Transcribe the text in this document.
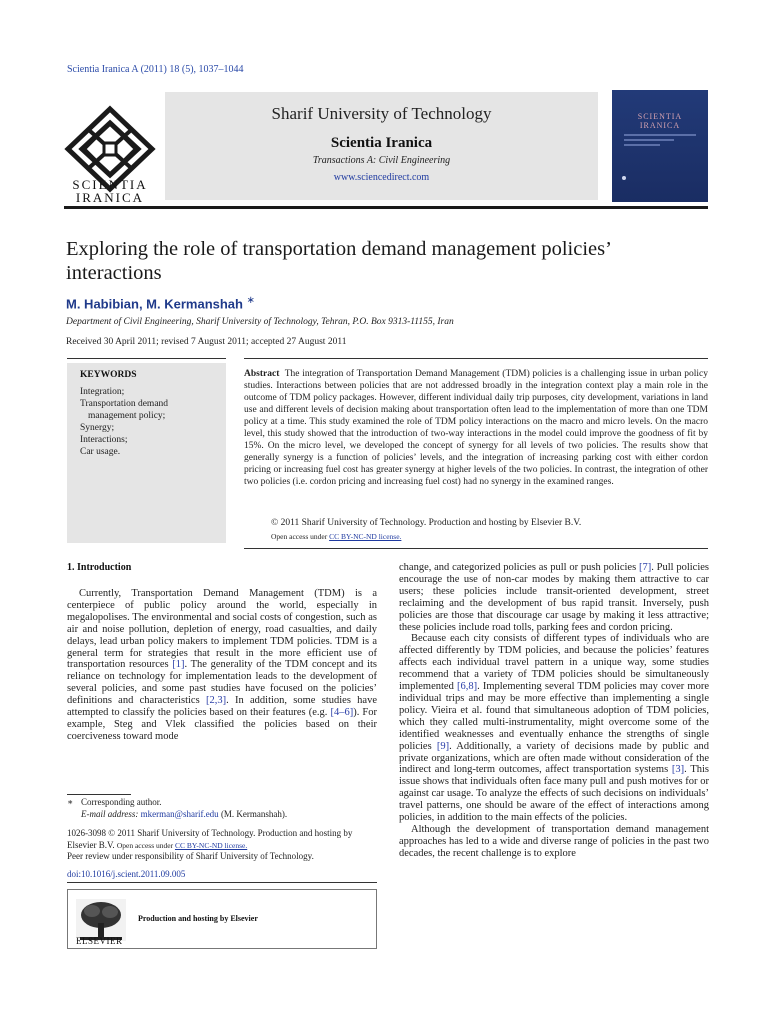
Scientia Iranica A (2011) 18 (5), 1037–1044
SCIENTIA
IRANICA
Sharif University of Technology
Scientia Iranica
Transactions A: Civil Engineering
www.sciencedirect.com
SCIENTIA
IRANICA
Exploring the role of transportation demand management policies’ interactions
M. Habibian, M. Kermanshah ∗
Department of Civil Engineering, Sharif University of Technology, Tehran, P.O. Box 9313-11155, Iran
Received 30 April 2011; revised 7 August 2011; accepted 27 August 2011
KEYWORDS
Integration;
Transportation demand
management policy;
Synergy;
Interactions;
Car usage.
Abstract The integration of Transportation Demand Management (TDM) policies is a challenging issue in urban policy studies. Interactions between policies that are not addressed broadly in the integration context play a main role in the outcome of TDM policy packages. However, different individual daily trip purposes, city development, variations in land use and different levels of decision making about transportation often lead to the implementation of more than one TDM policy at a time. This study examined the role of TDM policy interactions on the macro and micro levels. On the macro level, this study showed that the introduction of two-way interactions in the model could improve the goodness of fit by 15%. On the micro level, we developed the concept of synergy for all levels of two policies. The results show that generally synergy is a function of policies’ levels, and the integration of increasing parking cost with either cordon pricing or increasing fuel cost has greater synergy at higher levels of the two policies. In contrast, the integration of other two policies (i.e. cordon pricing and increasing fuel cost) had no synergy in the examined ranges.
© 2011 Sharif University of Technology. Production and hosting by Elsevier B.V.
Open access under CC BY-NC-ND license.
1. Introduction

Currently, Transportation Demand Management (TDM) is a centerpiece of public policy around the world, especially in megalopolises. The environmental and social costs of congestion, such as air and noise pollution, depletion of energy, road casualties, and daily delays, lead urban policy makers to implement TDM policies. TDM is a general term for strategies that result in the more efficient use of transportation resources [1]. The generality of the TDM concept and its reliance on technology for implementation leads to the development of several policies, and some past studies have focused on the policies’ definitions and characteristics [2,3]. In addition, some studies have attempted to classify the policies based on their features (e.g. [4–6]). For example, Steg and Vlek classified the policies based on their coerciveness toward mode

change, and categorized policies as pull or push policies [7]. Pull policies encourage the use of non-car modes by making them attractive to car users; these policies include transit-oriented development, street reclaiming and the development of bus rapid transit. Inversely, push policies are those that discourage car usage by making it less attractive; these policies include road tolls, parking fees and cordon pricing.

Because each city consists of different types of individuals who are affected differently by TDM policies, and because the policies’ features affects each individual travel pattern in a unique way, some studies recommend that a variety of TDM policies should be simultaneously implemented [6,8]. Implementing several TDM policies may cover more individual trips and may be more effective than implementing a single policy. Vieira et al. found that simultaneous adoption of TDM policies, which they called multi-instrumentality, might overcome some of the identified weaknesses and eventually enhance the strengths of single policies [9]. Additionally, a variety of decisions made by public and private organizations, which are often made without consideration of the indirect and long-term outcomes, affect transportation systems [3]. This issue shows that individuals often face many pull and push motives for or against car usage. To analyze the effects of such decisions on individuals’ travel patterns, one should be aware of the effect of interactions among policies, in addition to the main effects of the policies.

Although the development of transportation demand management approaches has led to a wide and diverse range of policies in the past two decades, the recent challenge is to explore

∗ Corresponding author.
E-mail address: mkerman@sharif.edu (M. Kermanshah).
1026-3098 © 2011 Sharif University of Technology. Production and hosting by
Elsevier B.V. Open access under CC BY-NC-ND license.
Peer review under responsibility of Sharif University of Technology.
doi:10.1016/j.scient.2011.09.005
ELSEVIER
Production and hosting by Elsevier
